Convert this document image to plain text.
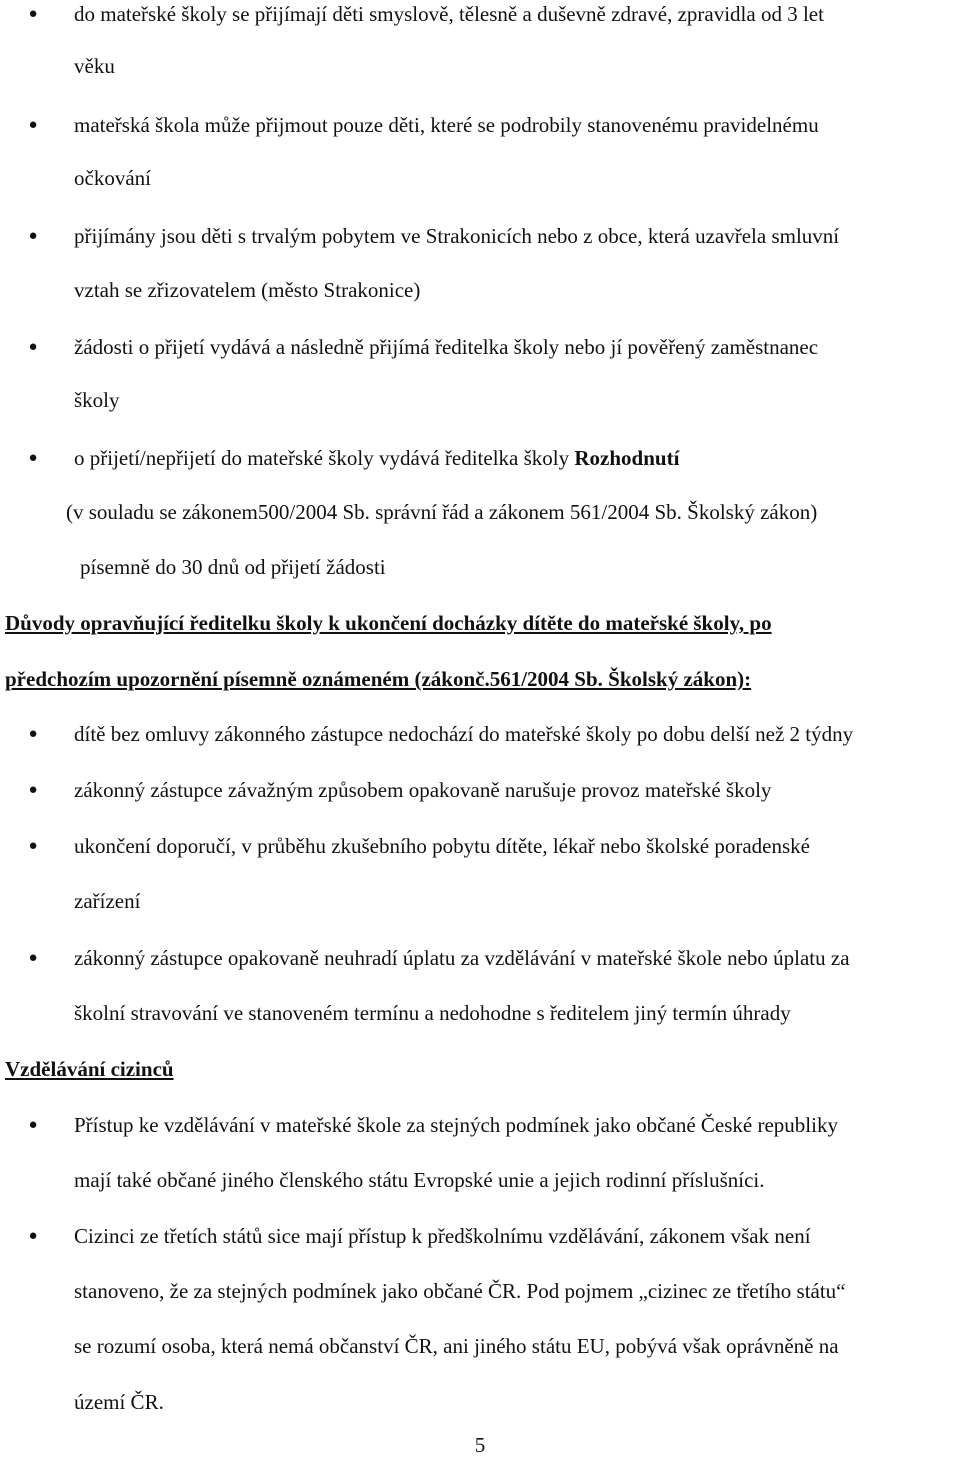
● do mateřské školy se přijímají děti smyslově, tělesně a duševně zdravé, zpravidla od 3 let
věku
● mateřská škola může přijmout pouze děti, které se podrobily stanovenému pravidelnému
očkování
● přijímány jsou děti s trvalým pobytem ve Strakonicích nebo z obce, která uzavřela smluvní
vztah se zřizovatelem (město Strakonice)
● žádosti o přijetí vydává a následně přijímá ředitelka školy nebo jí pověřený zaměstnanec
školy
● o přijetí/nepřijetí do mateřské školy vydává ředitelka školy Rozhodnutí
(v souladu se zákonem500/2004 Sb. správní řád a zákonem 561/2004 Sb. Školský zákon)
písemně do 30 dnů od přijetí žádosti
Důvody opravňující ředitelku školy k ukončení docházky dítěte do mateřské školy, po
předchozím upozornění písemně oznámeném (zákonč.561/2004 Sb. Školský zákon):
● dítě bez omluvy zákonného zástupce nedochází do mateřské školy po dobu delší než 2 týdny
● zákonný zástupce závažným způsobem opakovaně narušuje provoz mateřské školy
● ukončení doporučí, v průběhu zkušebního pobytu dítěte, lékař nebo školské poradenské
zařízení
● zákonný zástupce opakovaně neuhradí úplatu za vzdělávání v mateřské škole nebo úplatu za
školní stravování ve stanoveném termínu a nedohodne s ředitelem jiný termín úhrady
Vzdělávání cizinců
● Přístup ke vzdělávání v mateřské škole za stejných podmínek jako občané České republiky
mají také občané jiného členského státu Evropské unie a jejich rodinní příslušníci.
● Cizinci ze třetích států sice mají přístup k předškolnímu vzdělávání, zákonem však není
stanoveno, že za stejných podmínek jako občané ČR. Pod pojmem „cizinec ze třetího státu“
se rozumí osoba, která nemá občanství ČR, ani jiného státu EU, pobývá však oprávněně na
území ČR.
5
